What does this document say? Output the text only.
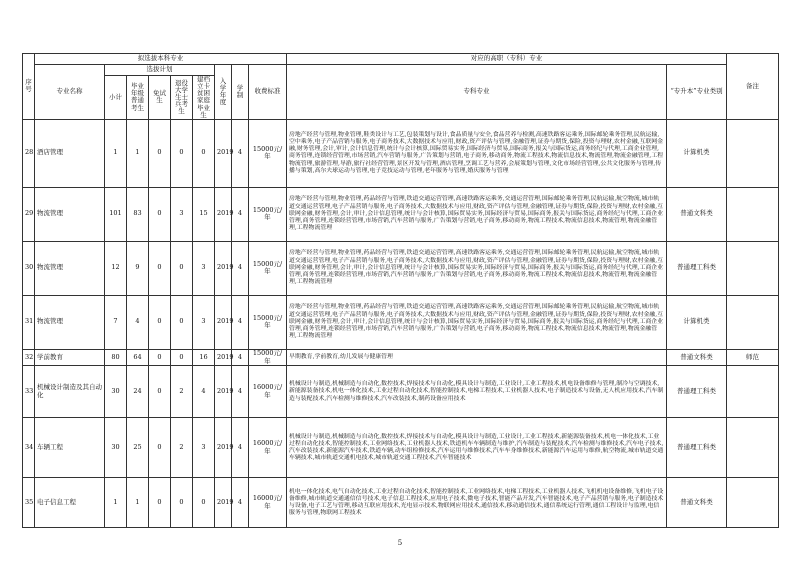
序号	拟选拔本科专业									对应的高职（专科）专业		备注
	专业名称	选拔计划					入学年度	学制	收费标准	专科专业	“专升本”专业类别	
		小计	毕业年级普通考生	免试生	退役大学生士兵考生	建档立卡贫困家庭毕业生						
28	酒店管理	1	1	0	0	0	2019	4	15000元/年	房地产经营与管理,物业管理,鞋类设计与工艺,包装策划与设计,食品质量与安全,食品营养与检测,高速铁路客运乘务,国际邮轮乘务管理,民航运输,空中乘务,电子产品营销与服务,电子商务技术,大数据技术与应用,财政,资产评估与管理,金融管理,证券与期货,保险,投资与理财,农村金融,互联网金融,财务管理,会计,审计,会计信息管理,统计与会计核算,国际贸易实务,国际经济与贸易,国际商务,报关与国际货运,商务经纪与代理,工商企业管理,商务管理,连锁经营管理,市场营销,汽车营销与服务,广告策划与营销,电子商务,移动商务,物流工程技术,物流信息技术,物流管理,物流金融管理,工程物流管理,旅游管理,导游,旅行社经营管理,景区开发与管理,酒店管理,烹调工艺与营养,会展策划与管理,文化市场经营管理,公共文化服务与管理,传播与策划,高尔夫球运动与管理,电子竞技运动与管理,老年服务与管理,婚庆服务与管理	计算机类	
29	物流管理	101	83	0	3	15	2019	4	15000元/年	房地产经营与管理,物业管理,药品经营与管理,铁道交通运营管理,高速铁路客运乘务,交通运营管理,国际邮轮乘务管理,民航运输,航空物流,城市轨道交通运营管理,电子产品营销与服务,电子商务技术,大数据技术与应用,财政,资产评估与管理,金融管理,证券与期货,保险,投资与理财,农村金融,互联网金融,财务管理,会计,审计,会计信息管理,统计与会计核算,国际贸易实务,国际经济与贸易,国际商务,报关与国际货运,商务经纪与代理,工商企业管理,商务管理,连锁经营管理,市场营销,汽车营销与服务,广告策划与营销,电子商务,移动商务,物流工程技术,物流信息技术,物流管理,物流金融管理,工程物流管理	普通文科类	
30	物流管理	12	9	0	0	3	2019	4	15000元/年	房地产经营与管理,物业管理,药品经营与管理,铁道交通运营管理,高速铁路客运乘务,交通运营管理,国际邮轮乘务管理,民航运输,航空物流,城市轨道交通运营管理,电子产品营销与服务,电子商务技术,大数据技术与应用,财政,资产评估与管理,金融管理,证券与期货,保险,投资与理财,农村金融,互联网金融,财务管理,会计,审计,会计信息管理,统计与会计核算,国际贸易实务,国际经济与贸易,国际商务,报关与国际货运,商务经纪与代理,工商企业管理,商务管理,连锁经营管理,市场营销,汽车营销与服务,广告策划与营销,电子商务,移动商务,物流工程技术,物流信息技术,物流管理,物流金融管理,工程物流管理	普通理工科类	
31	物流管理	7	4	0	0	3	2019	4	15000元/年	房地产经营与管理,物业管理,药品经营与管理,铁道交通运营管理,高速铁路客运乘务,交通运营管理,国际邮轮乘务管理,民航运输,航空物流,城市轨道交通运营管理,电子产品营销与服务,电子商务技术,大数据技术与应用,财政,资产评估与管理,金融管理,证券与期货,保险,投资与理财,农村金融,互联网金融,财务管理,会计,审计,会计信息管理,统计与会计核算,国际贸易实务,国际经济与贸易,国际商务,报关与国际货运,商务经纪与代理,工商企业管理,商务管理,连锁经营管理,市场营销,汽车营销与服务,广告策划与营销,电子商务,移动商务,物流工程技术,物流信息技术,物流管理,物流金融管理,工程物流管理	计算机类	
32	学前教育	80	64	0	0	16	2019	4	15000元/年	早期教育,学前教育,幼儿发展与健康管理	普通文科类	师范
33	机械设计制造及其自动化	30	24	0	2	4	2019	4	16000元/年	机械设计与制造,机械制造与自动化,数控技术,焊接技术与自动化,模具设计与制造,工业设计,工业工程技术,机电设备维修与管理,制冷与空调技术,新能源装备技术,机电一体化技术,工业过程自动化技术,智能控制技术,电梯工程技术,工业机器人技术,电子制造技术与设备,无人机应用技术,汽车制造与装配技术,汽车检测与维修技术,汽车改装技术,制药设备应用技术	普通理工科类	
34	车辆工程	30	25	0	2	3	2019	4	16000元/年	机械设计与制造,机械制造与自动化,数控技术,焊接技术与自动化,模具设计与制造,工业设计,工业工程技术,新能源装备技术,机电一体化技术,工业过程自动化技术,智能控制技术,工业网络技术,工业机器人技术,铁道机车车辆制造与维护,汽车制造与装配技术,汽车检测与维修技术,汽车电子技术,汽车改装技术,新能源汽车技术,铁道车辆,动车组检修技术,汽车运用与维修技术,汽车车身维修技术,新能源汽车运用与维修,航空物流,城市轨道交通车辆技术,城市轨道交通机电技术,城市轨道交通工程技术,汽车智能技术	普通理工科类	
35	电子信息工程	1	1	0	0	0	2019	4	16000元/年	机电一体化技术,电气自动化技术,工业过程自动化技术,智能控制技术,工业网络技术,电梯工程技术,工业机器人技术,飞机机电设备维修,飞机电子设备维修,城市轨道交通通信信号技术,电子信息工程技术,应用电子技术,微电子技术,智能产品开发,汽车智能技术,电子产品营销与服务,电子制造技术与设备,电子工艺与管理,移动互联应用技术,光电显示技术,物联网应用技术,通信技术,移动通信技术,通信系统运行管理,通信工程设计与监理,电信服务与管理,物联网工程技术	普通文科类	
5
